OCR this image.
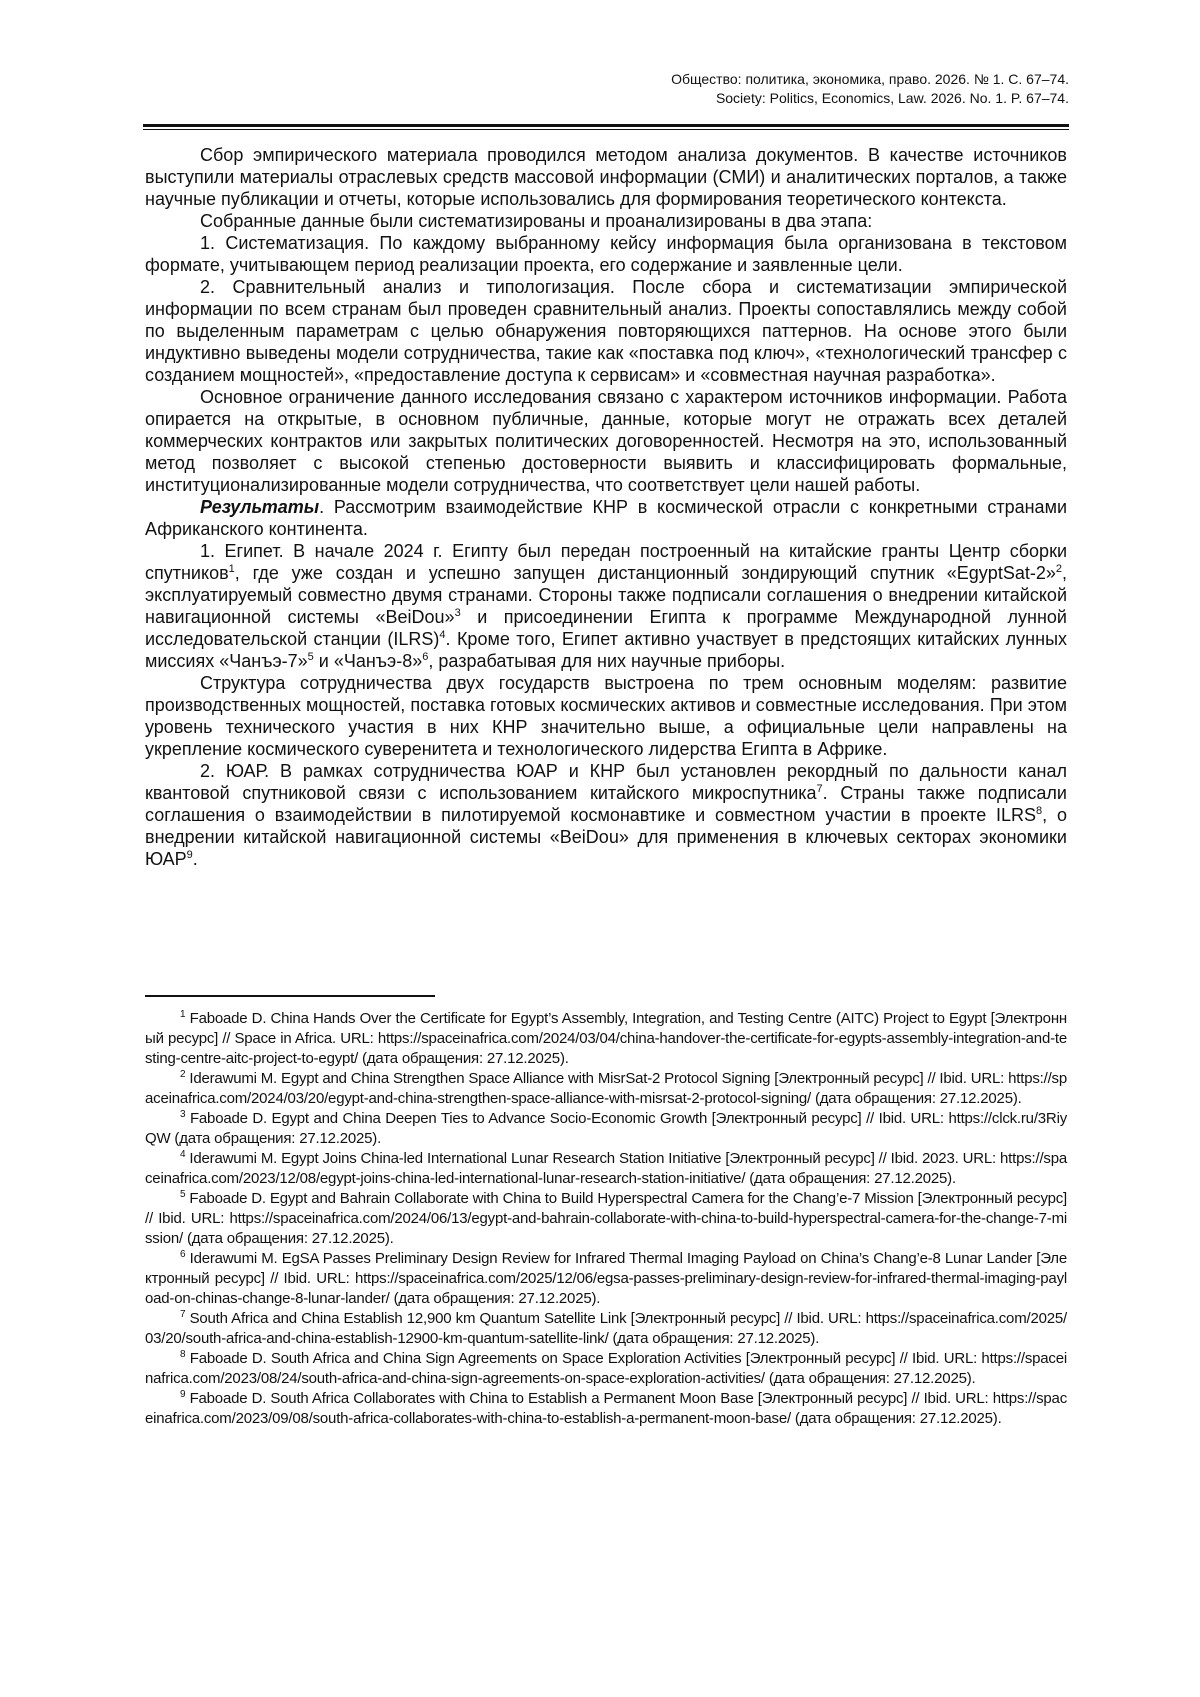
Общество: политика, экономика, право. 2026. № 1. С. 67–74.
Society: Politics, Economics, Law. 2026. No. 1. P. 67–74.

Сбор эмпирического материала проводился методом анализа документов. В качестве источников выступили материалы отраслевых средств массовой информации (СМИ) и аналитических порталов, а также научные публикации и отчеты, которые использовались для формирования теоретического контекста.

Собранные данные были систематизированы и проанализированы в два этапа:

1. Систематизация. По каждому выбранному кейсу информация была организована в текстовом формате, учитывающем период реализации проекта, его содержание и заявленные цели.

2. Сравнительный анализ и типологизация. После сбора и систематизации эмпирической информации по всем странам был проведен сравнительный анализ. Проекты сопоставлялись между собой по выделенным параметрам с целью обнаружения повторяющихся паттернов. На основе этого были индуктивно выведены модели сотрудничества, такие как «поставка под ключ», «технологический трансфер с созданием мощностей», «предоставление доступа к сервисам» и «совместная научная разработка».

Основное ограничение данного исследования связано с характером источников информации. Работа опирается на открытые, в основном публичные, данные, которые могут не отражать всех деталей коммерческих контрактов или закрытых политических договоренностей. Несмотря на это, использованный метод позволяет с высокой степенью достоверности выявить и классифицировать формальные, институционализированные модели сотрудничества, что соответствует цели нашей работы.

Результаты. Рассмотрим взаимодействие КНР в космической отрасли с конкретными странами Африканского континента.

1. Египет. В начале 2024 г. Египту был передан построенный на китайские гранты Центр сборки спутников$^1$, где уже создан и успешно запущен дистанционный зондирующий спутник «EgyptSat-2»$^2$, эксплуатируемый совместно двумя странами. Стороны также подписали соглашения о внедрении китайской навигационной системы «BeiDou»$^3$ и присоединении Египта к программе Международной лунной исследовательской станции (ILRS)$^4$. Кроме того, Египет активно участвует в предстоящих китайских лунных миссиях «Чанъэ-7»$^5$ и «Чанъэ-8»$^6$, разрабатывая для них научные приборы.

Структура сотрудничества двух государств выстроена по трем основным моделям: развитие производственных мощностей, поставка готовых космических активов и совместные исследования. При этом уровень технического участия в них КНР значительно выше, а официальные цели направлены на укрепление космического суверенитета и технологического лидерства Египта в Африке.

2. ЮАР. В рамках сотрудничества ЮАР и КНР был установлен рекордный по дальности канал квантовой спутниковой связи с использованием китайского микроспутника$^7$. Страны также подписали соглашения о взаимодействии в пилотируемой космонавтике и совместном участии в проекте ILRS$^8$, о внедрении китайской навигационной системы «BeiDou» для применения в ключевых секторах экономики ЮАР$^9$.

$^1$ Faboade D. China Hands Over the Certificate for Egypt’s Assembly, Integration, and Testing Centre (AITC) Project to Egypt [Электронный ресурс] // Space in Africa. URL: https://spaceinafrica.com/2024/03/04/china-handover-the-certificate-for-egypts-assembly-integration-and-testing-centre-aitc-project-to-egypt/ (дата обращения: 27.12.2025).

$^2$ Iderawumi M. Egypt and China Strengthen Space Alliance with MisrSat-2 Protocol Signing [Электронный ресурс] // Ibid. URL: https://spaceinafrica.com/2024/03/20/egypt-and-china-strengthen-space-alliance-with-misrsat-2-protocol-signing/ (дата обращения: 27.12.2025).

$^3$ Faboade D. Egypt and China Deepen Ties to Advance Socio-Economic Growth [Электронный ресурс] // Ibid. URL: https://clck.ru/3RiyQW (дата обращения: 27.12.2025).

$^4$ Iderawumi M. Egypt Joins China-led International Lunar Research Station Initiative [Электронный ресурс] // Ibid. 2023. URL: https://spaceinafrica.com/2023/12/08/egypt-joins-china-led-international-lunar-research-station-initiative/ (дата обращения: 27.12.2025).

$^5$ Faboade D. Egypt and Bahrain Collaborate with China to Build Hyperspectral Camera for the Chang’e-7 Mission [Электронный ресурс] // Ibid. URL: https://spaceinafrica.com/2024/06/13/egypt-and-bahrain-collaborate-with-china-to-build-hyperspectral-camera-for-the-change-7-mission/ (дата обращения: 27.12.2025).

$^6$ Iderawumi M. EgSA Passes Preliminary Design Review for Infrared Thermal Imaging Payload on China’s Chang’e-8 Lunar Lander [Электронный ресурс] // Ibid. URL: https://spaceinafrica.com/2025/12/06/egsa-passes-preliminary-design-review-for-infrared-thermal-imaging-payload-on-chinas-change-8-lunar-lander/ (дата обращения: 27.12.2025).

$^7$ South Africa and China Establish 12,900 km Quantum Satellite Link [Электронный ресурс] // Ibid. URL: https://spaceinafrica.com/2025/03/20/south-africa-and-china-establish-12900-km-quantum-satellite-link/ (дата обращения: 27.12.2025).

$^8$ Faboade D. South Africa and China Sign Agreements on Space Exploration Activities [Электронный ресурс] // Ibid. URL: https://spaceinafrica.com/2023/08/24/south-africa-and-china-sign-agreements-on-space-exploration-activities/ (дата обращения: 27.12.2025).

$^9$ Faboade D. South Africa Collaborates with China to Establish a Permanent Moon Base [Электронный ресурс] // Ibid. URL: https://spaceinafrica.com/2023/09/08/south-africa-collaborates-with-china-to-establish-a-permanent-moon-base/ (дата обращения: 27.12.2025).
